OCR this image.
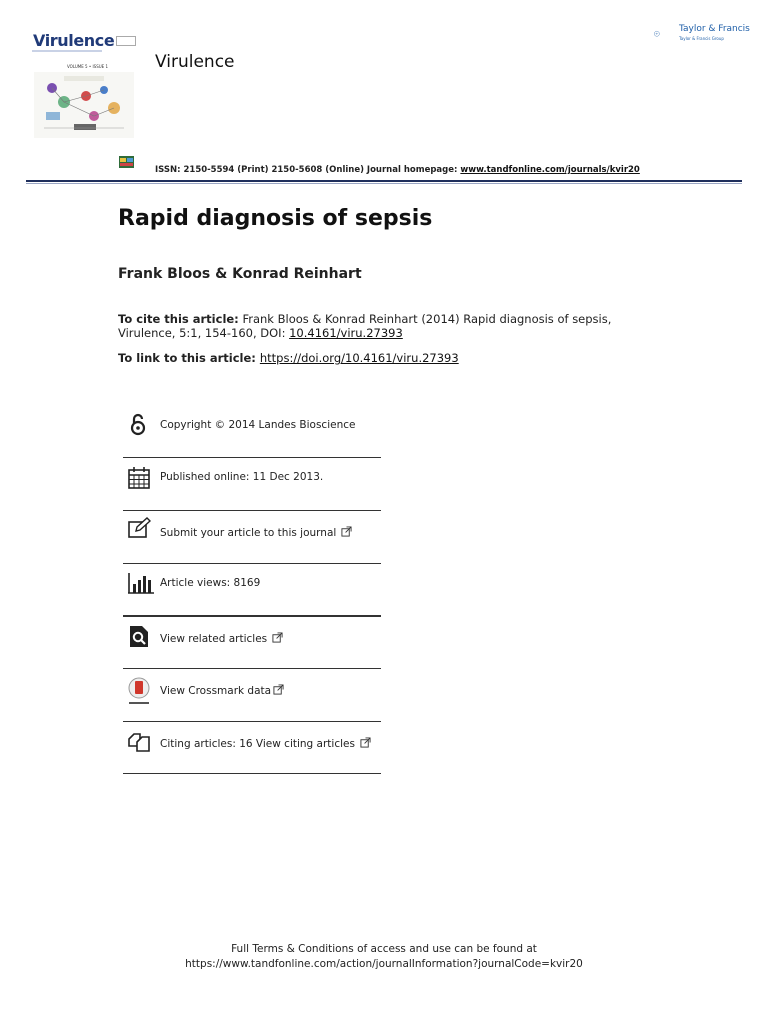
Virulence
VOLUME 5 • ISSUE 1	Virulence
Taylor & Francis
Taylor & Francis Group
ISSN: 2150-5594 (Print) 2150-5608 (Online) Journal homepage: www.tandfonline.com/journals/kvir20
Rapid diagnosis of sepsis
Frank Bloos & Konrad Reinhart
To cite this article: Frank Bloos & Konrad Reinhart (2014) Rapid diagnosis of sepsis, Virulence, 5:1, 154-160, DOI: 10.4161/viru.27393
To link to this article: https://doi.org/10.4161/viru.27393
Copyright © 2014 Landes Bioscience
Published online: 11 Dec 2013.
Submit your article to this journal
Article views: 8169
View related articles
View Crossmark data
Citing articles: 16 View citing articles
Full Terms & Conditions of access and use can be found at
https://www.tandfonline.com/action/journalInformation?journalCode=kvir20
